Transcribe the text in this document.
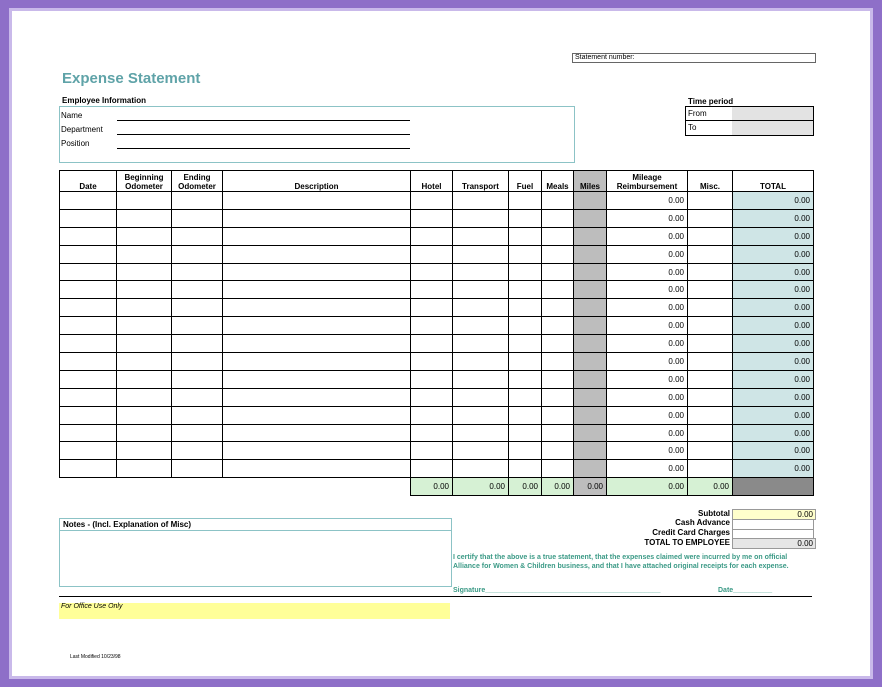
Statement number:
Expense Statement
Employee Information
Name
Department
Position
Time period
From
To
Date	Beginning Odometer	Ending Odometer	Description	Hotel	Transport	Fuel	Meals	Miles	Mileage Reimbursement	Misc.	TOTAL
									0.00		0.00
									0.00		0.00
									0.00		0.00
									0.00		0.00
									0.00		0.00
									0.00		0.00
									0.00		0.00
									0.00		0.00
									0.00		0.00
									0.00		0.00
									0.00		0.00
									0.00		0.00
									0.00		0.00
									0.00		0.00
									0.00		0.00
									0.00		0.00
				0.00	0.00	0.00	0.00	0.00	0.00	0.00	
Subtotal	0.00
Cash Advance
Credit Card Charges
TOTAL TO EMPLOYEE	0.00
Notes - (Incl. Explanation of Misc)
I certify that the above is a true statement, that the expenses claimed were incurred by me on official Alliance for Women & Children business, and that I have attached original receipts for each expense.
Signature_____________________________________________	Date__________
For Office Use Only
Last Modified 10/23/98
